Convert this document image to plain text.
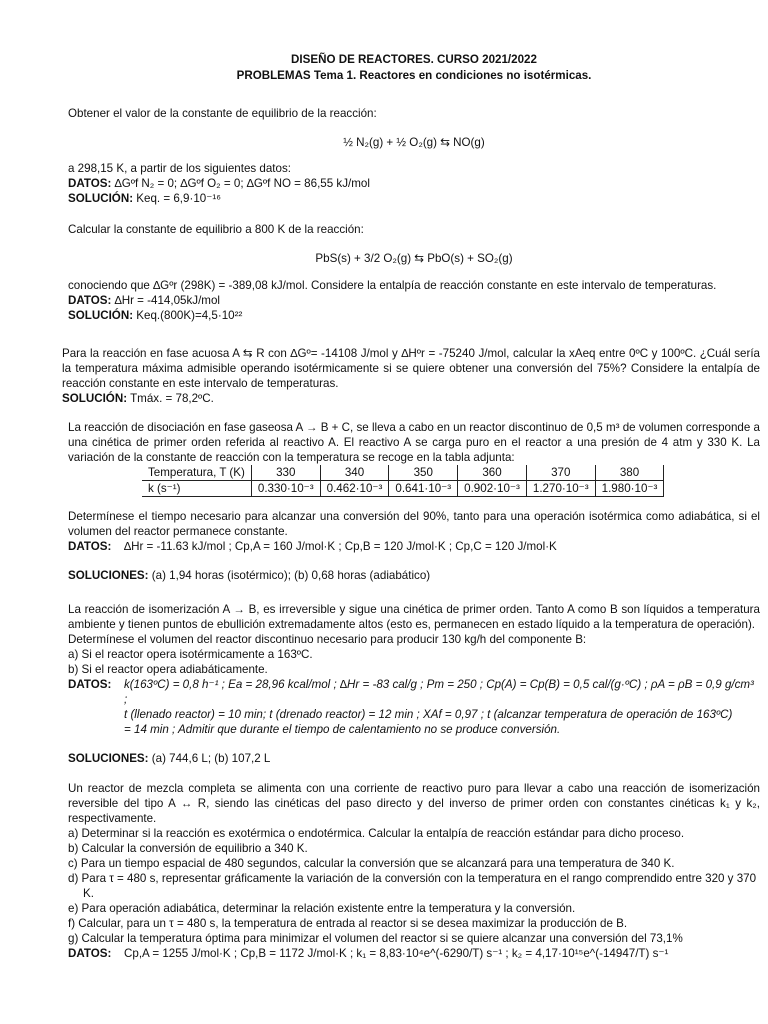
DISEÑO DE REACTORES. CURSO 2021/2022
PROBLEMAS Tema 1. Reactores en condiciones no isotérmicas.

Obtener el valor de la constante de equilibrio de la reacción:

½ N₂(g) + ½ O₂(g) ⇆ NO(g)

a 298,15 K, a partir de los siguientes datos:

DATOS: ∆Gºf N₂ = 0; ∆Gºf O₂ = 0; ∆Gºf NO = 86,55 kJ/mol

SOLUCIÓN: Keq. = 6,9·10⁻¹⁶

Calcular la constante de equilibrio a 800 K de la reacción:

PbS(s) + 3/2 O₂(g) ⇆ PbO(s) + SO₂(g)

conociendo que ∆Gºr (298K) = -389,08 kJ/mol. Considere la entalpía de reacción constante en este intervalo de temperaturas.

DATOS: ∆Hr = -414,05kJ/mol

SOLUCIÓN: Keq.(800K)=4,5·10²²

Para la reacción en fase acuosa A ⇆ R con ∆Gº= -14108 J/mol y ∆Hºr = -75240 J/mol, calcular la xAeq entre 0ºC y 100ºC. ¿Cuál sería la temperatura máxima admisible operando isotérmicamente si se quiere obtener una conversión del 75%? Considere la entalpía de reacción constante en este intervalo de temperaturas.

SOLUCIÓN: Tmáx. = 78,2ºC.

La reacción de disociación en fase gaseosa A → B + C, se lleva a cabo en un reactor discontinuo de 0,5 m³ de volumen corresponde a una cinética de primer orden referida al reactivo A. El reactivo A se carga puro en el reactor a una presión de 4 atm y 330 K. La variación de la constante de reacción con la temperatura se recoge en la tabla adjunta:

Temperatura, T (K)	330	340	350	360	370	380
k (s⁻¹)	0.330·10⁻³	0.462·10⁻³	0.641·10⁻³	0.902·10⁻³	1.270·10⁻³	1.980·10⁻³

Determínese el tiempo necesario para alcanzar una conversión del 90%, tanto para una operación isotérmica como adiabática, si el volumen del reactor permanece constante.

DATOS: ∆Hr = -11.63 kJ/mol ; Cp,A = 160 J/mol·K ; Cp,B = 120 J/mol·K ; Cp,C = 120 J/mol·K

SOLUCIONES: (a) 1,94 horas (isotérmico); (b) 0,68 horas (adiabático)

La reacción de isomerización A → B, es irreversible y sigue una cinética de primer orden. Tanto A como B son líquidos a temperatura ambiente y tienen puntos de ebullición extremadamente altos (esto es, permanecen en estado líquido a la temperatura de operación).

Determínese el volumen del reactor discontinuo necesario para producir 130 kg/h del componente B:

a) Si el reactor opera isotérmicamente a 163ºC.
b) Si el reactor opera adiabáticamente.
DATOS:	k(163ºC) = 0,8 h⁻¹ ; Ea = 28,96 kcal/mol ; ∆Hr = -83 cal/g ; Pm = 250 ; Cp(A) = Cp(B) = 0,5 cal/(g·ºC) ; ρA = ρB = 0,9 g/cm³ ;
t (llenado reactor) = 10 min; t (drenado reactor) = 12 min ; XAf = 0,97 ; t (alcanzar temperatura de operación de 163ºC)
= 14 min ; Admitir que durante el tiempo de calentamiento no se produce conversión.

SOLUCIONES: (a) 744,6 L; (b) 107,2 L

Un reactor de mezcla completa se alimenta con una corriente de reactivo puro para llevar a cabo una reacción de isomerización reversible del tipo A ↔ R, siendo las cinéticas del paso directo y del inverso de primer orden con constantes cinéticas k₁ y k₂, respectivamente.

a) Determinar si la reacción es exotérmica o endotérmica. Calcular la entalpía de reacción estándar para dicho proceso.
b) Calcular la conversión de equilibrio a 340 K.
c) Para un tiempo espacial de 480 segundos, calcular la conversión que se alcanzará para una temperatura de 340 K.
d) Para τ = 480 s, representar gráficamente la variación de la conversión con la temperatura en el rango comprendido entre 320 y 370 K.
e) Para operación adiabática, determinar la relación existente entre la temperatura y la conversión.
f) Calcular, para un τ = 480 s, la temperatura de entrada al reactor si se desea maximizar la producción de B.
g) Calcular la temperatura óptima para minimizar el volumen del reactor si se quiere alcanzar una conversión del 73,1%
DATOS:	Cp,A = 1255 J/mol·K ; Cp,B = 1172 J/mol·K ; k₁ = 8,83·10⁴e^(-6290/T) s⁻¹ ; k₂ = 4,17·10¹⁵e^(-14947/T) s⁻¹
